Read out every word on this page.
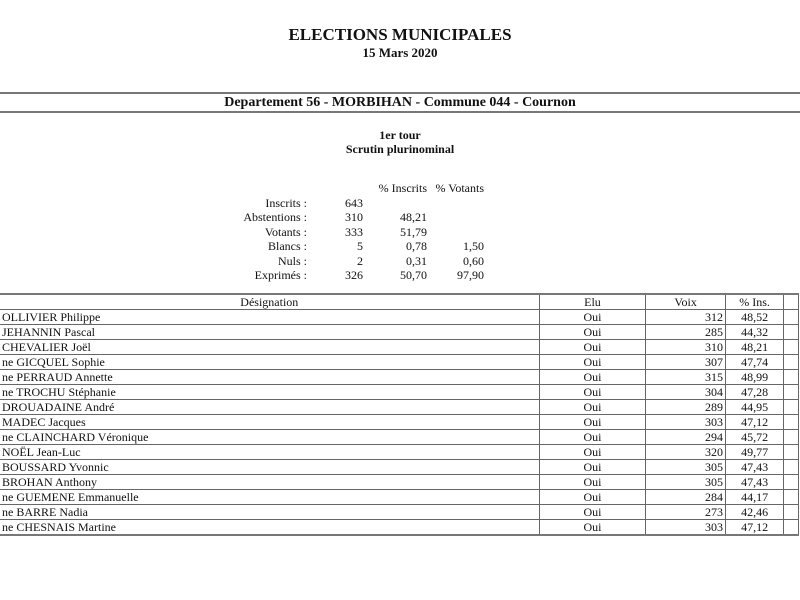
ELECTIONS MUNICIPALES
15 Mars 2020
Departement 56 - MORBIHAN - Commune 044 - Cournon
1er tour
Scrutin plurinominal
		% Inscrits	% Votants
Inscrits :	643		
Abstentions :	310	48,21	
Votants :	333	51,79	
Blancs :	5	0,78	1,50
Nuls :	2	0,31	0,60
Exprimés :	326	50,70	97,90
Désignation	Elu	Voix	% Ins.	
OLLIVIER Philippe	Oui	312	48,52	
JEHANNIN Pascal	Oui	285	44,32	
CHEVALIER Joël	Oui	310	48,21	
ne GICQUEL Sophie	Oui	307	47,74	
ne PERRAUD Annette	Oui	315	48,99	
ne TROCHU Stéphanie	Oui	304	47,28	
DROUADAINE André	Oui	289	44,95	
MADEC Jacques	Oui	303	47,12	
ne CLAINCHARD Véronique	Oui	294	45,72	
NOËL Jean-Luc	Oui	320	49,77	
BOUSSARD Yvonnic	Oui	305	47,43	
BROHAN Anthony	Oui	305	47,43	
ne GUEMENE Emmanuelle	Oui	284	44,17	
ne BARRE Nadia	Oui	273	42,46	
ne CHESNAIS Martine	Oui	303	47,12	
